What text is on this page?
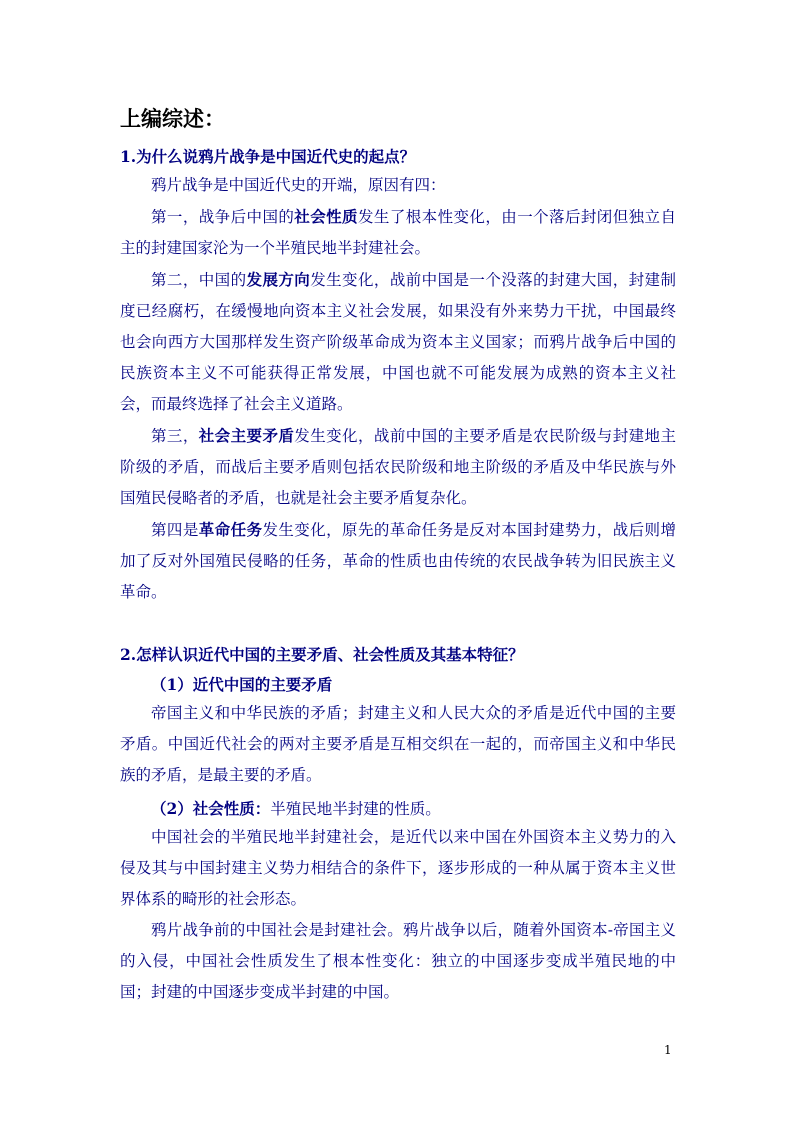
上编综述：
1.为什么说鸦片战争是中国近代史的起点？

鸦片战争是中国近代史的开端，原因有四：

第一，战争后中国的社会性质发生了根本性变化，由一个落后封闭但独立自主的封建国家沦为一个半殖民地半封建社会。

第二，中国的发展方向发生变化，战前中国是一个没落的封建大国，封建制度已经腐朽，在缓慢地向资本主义社会发展，如果没有外来势力干扰，中国最终也会向西方大国那样发生资产阶级革命成为资本主义国家；而鸦片战争后中国的民族资本主义不可能获得正常发展，中国也就不可能发展为成熟的资本主义社会，而最终选择了社会主义道路。

第三，社会主要矛盾发生变化，战前中国的主要矛盾是农民阶级与封建地主阶级的矛盾，而战后主要矛盾则包括农民阶级和地主阶级的矛盾及中华民族与外国殖民侵略者的矛盾，也就是社会主要矛盾复杂化。

第四是革命任务发生变化，原先的革命任务是反对本国封建势力，战后则增加了反对外国殖民侵略的任务，革命的性质也由传统的农民战争转为旧民族主义革命。

2.怎样认识近代中国的主要矛盾、社会性质及其基本特征？
（1）近代中国的主要矛盾

帝国主义和中华民族的矛盾；封建主义和人民大众的矛盾是近代中国的主要矛盾。中国近代社会的两对主要矛盾是互相交织在一起的，而帝国主义和中华民族的矛盾，是最主要的矛盾。

（2）社会性质：半殖民地半封建的性质。

中国社会的半殖民地半封建社会，是近代以来中国在外国资本主义势力的入侵及其与中国封建主义势力相结合的条件下，逐步形成的一种从属于资本主义世界体系的畸形的社会形态。

鸦片战争前的中国社会是封建社会。鸦片战争以后，随着外国资本-帝国主义的入侵，中国社会性质发生了根本性变化：独立的中国逐步变成半殖民地的中国；封建的中国逐步变成半封建的中国。

1
